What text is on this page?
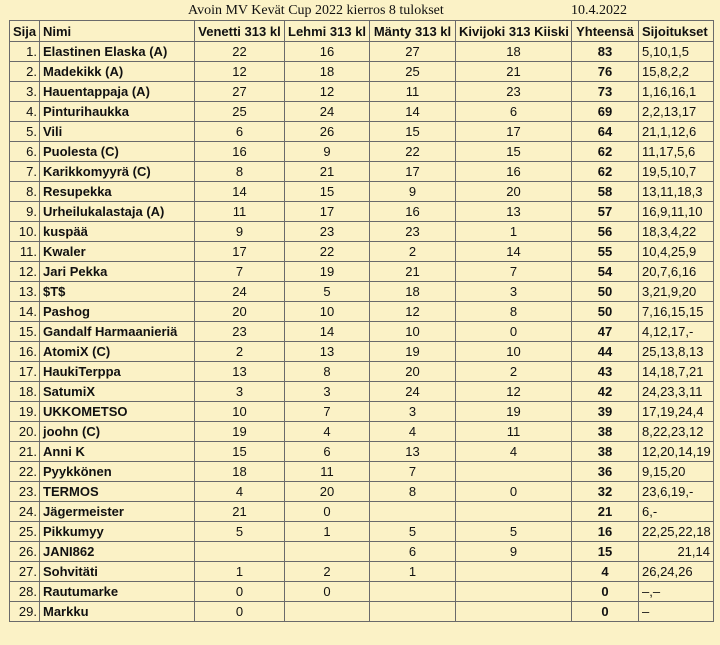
Avoin MV Kevät Cup 2022 kierros 8 tulokset	10.4.2022
Sija	Nimi	Venetti 313 kl	Lehmi 313 kl	Mänty 313 kl	Kivijoki 313 Kiiski	Yhteensä	Sijoitukset
1.	Elastinen Elaska (A)	22	16	27	18	83	5,10,1,5
2.	Madekikk (A)	12	18	25	21	76	15,8,2,2
3.	Hauentappaja (A)	27	12	11	23	73	1,16,16,1
4.	Pinturihaukka	25	24	14	6	69	2,2,13,17
5.	Vili	6	26	15	17	64	21,1,12,6
6.	Puolesta (C)	16	9	22	15	62	11,17,5,6
7.	Karikkomyyrä (C)	8	21	17	16	62	19,5,10,7
8.	Resupekka	14	15	9	20	58	13,11,18,3
9.	Urheilukalastaja (A)	11	17	16	13	57	16,9,11,10
10.	kuspää	9	23	23	1	56	18,3,4,22
11.	Kwaler	17	22	2	14	55	10,4,25,9
12.	Jari Pekka	7	19	21	7	54	20,7,6,16
13.	$T$	24	5	18	3	50	3,21,9,20
14.	Pashog	20	10	12	8	50	7,16,15,15
15.	Gandalf Harmaanieriä	23	14	10	0	47	4,12,17,-
16.	AtomiX (C)	2	13	19	10	44	25,13,8,13
17.	HaukiTerppa	13	8	20	2	43	14,18,7,21
18.	SatumiX	3	3	24	12	42	24,23,3,11
19.	UKKOMETSO	10	7	3	19	39	17,19,24,4
20.	joohn (C)	19	4	4	11	38	8,22,23,12
21.	Anni K	15	6	13	4	38	12,20,14,19
22.	Pyykkönen	18	11	7		36	9,15,20
23.	TERMOS	4	20	8	0	32	23,6,19,-
24.	Jägermeister	21	0			21	6,-
25.	Pikkumyy	5	1	5	5	16	22,25,22,18
26.	JANI862			6	9	15	21,14
27.	Sohvitäti	1	2	1		4	26,24,26
28.	Rautumarke	0	0			0	–,–
29.	Markku	0				0	–
